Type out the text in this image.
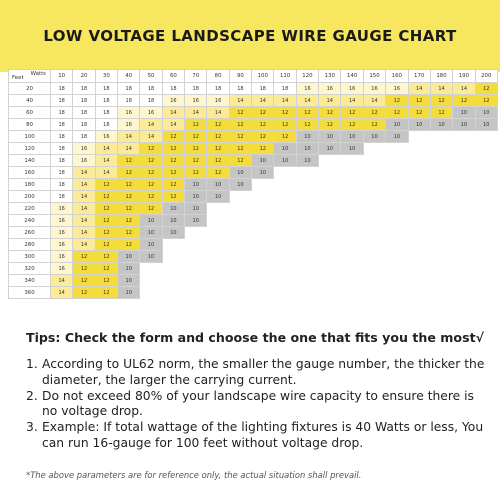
LOW VOLTAGE LANDSCAPE WIRE GAUGE CHART
Watts
Feet	10	20	30	40	50	60	70	80	90	100	110	120	130	140	150	160	170	180	190	200
20	18	18	18	18	18	18	18	18	18	18	18	16	16	16	16	16	14	14	14	12
40	18	18	18	18	18	16	16	16	14	14	14	14	14	14	14	12	12	12	12	12
60	18	18	18	16	16	14	14	14	12	12	12	12	12	12	12	12	12	12	10	10
80	18	18	18	16	14	14	12	12	12	12	12	12	12	12	12	10	10	10	10	10
100	18	18	16	14	14	12	12	12	12	12	12	10	10	10	10	10				
120	18	16	14	14	12	12	12	12	12	12	10	10	10	10						
140	18	16	14	12	12	12	12	12	12	10	10	10								
160	18	14	14	12	12	12	12	12	10	10										
180	18	14	12	12	12	12	10	10	10											
200	18	14	12	12	12	12	10	10												
220	16	14	12	12	12	10	10													
240	16	14	12	12	10	10	10													
260	16	14	12	12	10	10														
280	16	14	12	12	10															
300	16	12	12	10	10															
320	16	12	12	10																
340	14	12	12	10																
360	14	12	12	10																
Tips: Check the form and choose the one that fits you the most√
1. According to UL62 norm, the smaller the gauge number, the thicker the diameter, the larger the carrying current.
2. Do not exceed 80% of your landscape wire capacity to ensure there is no voltage drop.
3. Example: If total wattage of the lighting fixtures is 40 Watts or less, You can run 16-gauge for 100 feet without voltage drop.
*The above parameters are for reference only, the actual situation shall prevail.
